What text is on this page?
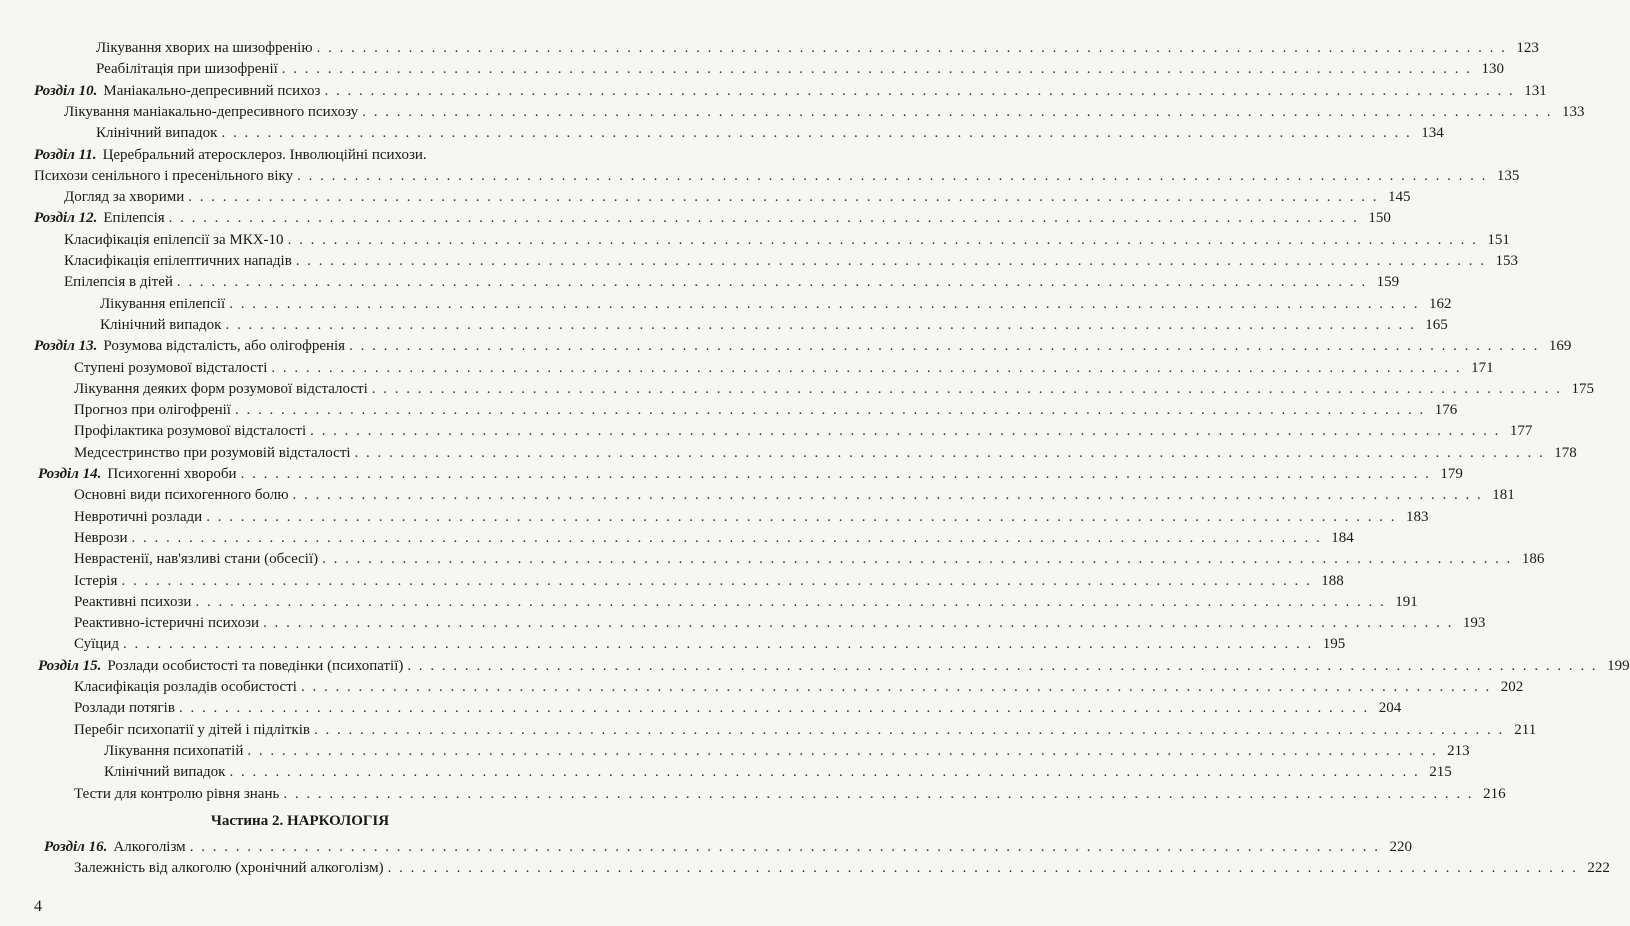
Лікування хворих на шизофренію . . .	123
Реабілітація при шизофренії . . .	130
Розділ 10. Маніакально-депресивний психоз . . .	131
Лікування маніакально-депресивного психозу . . .	133
Клінічний випадок . . .	134
Розділ 11. Церебральний атеросклероз. Інволюційні психози.
Психози сенільного і пресенільного віку . . .	135
Догляд за хворими . . .	145
Розділ 12. Епілепсія . . .	150
Класифікація епілепсії за МКХ-10 . . .	151
Класифікація епілептичних нападів . . .	153
Епілепсія в дітей . . .	159
Лікування епілепсії . . .	162
Клінічний випадок . . .	165
Розділ 13. Розумова відсталість, або олігофренія . . .	169
Ступені розумової відсталості . . .	171
Лікування деяких форм розумової відсталості . . .	175
Прогноз при олігофренії . . .	176
Профілактика розумової відсталості . . .	177
Медсестринство при розумовій відсталості . . .	178
Розділ 14. Психогенні хвороби . . .	179
Основні види психогенного болю . . .	181
Невротичні розлади . . .	183
Неврози . . .	184
Неврастенії, нав'язливі стани (обсесії) . . .	186
Істерія . . .	188
Реактивні психози . . .	191
Реактивно-істеричні психози . . .	193
Суїцид . . .	195
Розділ 15. Розлади особистості та поведінки (психопатії) . . .	199
Класифікація розладів особистості . . .	202
Розлади потягів . . .	204
Перебіг психопатії у дітей і підлітків . . .	211
Лікування психопатій . . .	213
Клінічний випадок . . .	215
Тести для контролю рівня знань . . .	216
Частина 2. НАРКОЛОГІЯ
Розділ 16. Алкоголізм . . .	220
Залежність від алкоголю (хронічний алкоголізм) . . .	222
4
